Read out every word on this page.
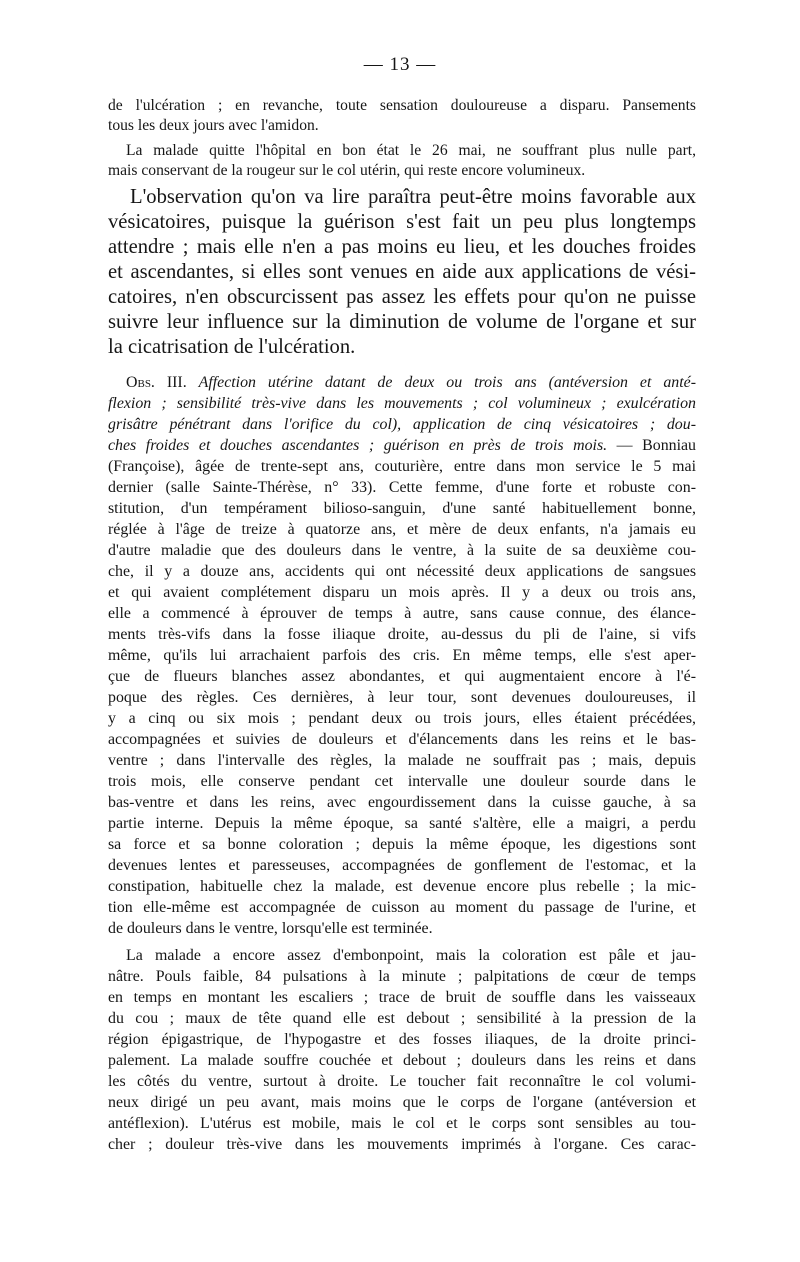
— 13 —
de l'ulcération ; en revanche, toute sensation douloureuse a disparu. Pansements
tous les deux jours avec l'amidon.
La malade quitte l'hôpital en bon état le 26 mai, ne souffrant plus nulle part,
mais conservant de la rougeur sur le col utérin, qui reste encore volumineux.
L'observation qu'on va lire paraîtra peut-être moins favorable aux
vésicatoires, puisque la guérison s'est fait un peu plus longtemps
attendre ; mais elle n'en a pas moins eu lieu, et les douches froides
et ascendantes, si elles sont venues en aide aux applications de vési-
catoires, n'en obscurcissent pas assez les effets pour qu'on ne puisse
suivre leur influence sur la diminution de volume de l'organe et sur
la cicatrisation de l'ulcération.
Obs. III. Affection utérine datant de deux ou trois ans (antéversion et anté-
flexion ; sensibilité très-vive dans les mouvements ; col volumineux ; exulcération
grisâtre pénétrant dans l'orifice du col), application de cinq vésicatoires ; dou-
ches froides et douches ascendantes ; guérison en près de trois mois. — Bonniau
(Françoise), âgée de trente-sept ans, couturière, entre dans mon service le 5 mai
dernier (salle Sainte-Thérèse, n° 33). Cette femme, d'une forte et robuste con-
stitution, d'un tempérament bilioso-sanguin, d'une santé habituellement bonne,
réglée à l'âge de treize à quatorze ans, et mère de deux enfants, n'a jamais eu
d'autre maladie que des douleurs dans le ventre, à la suite de sa deuxième cou-
che, il y a douze ans, accidents qui ont nécessité deux applications de sangsues
et qui avaient complétement disparu un mois après. Il y a deux ou trois ans,
elle a commencé à éprouver de temps à autre, sans cause connue, des élance-
ments très-vifs dans la fosse iliaque droite, au-dessus du pli de l'aine, si vifs
même, qu'ils lui arrachaient parfois des cris. En même temps, elle s'est aper-
çue de flueurs blanches assez abondantes, et qui augmentaient encore à l'é-
poque des règles. Ces dernières, à leur tour, sont devenues douloureuses, il
y a cinq ou six mois ; pendant deux ou trois jours, elles étaient précédées,
accompagnées et suivies de douleurs et d'élancements dans les reins et le bas-
ventre ; dans l'intervalle des règles, la malade ne souffrait pas ; mais, depuis
trois mois, elle conserve pendant cet intervalle une douleur sourde dans le
bas-ventre et dans les reins, avec engourdissement dans la cuisse gauche, à sa
partie interne. Depuis la même époque, sa santé s'altère, elle a maigri, a perdu
sa force et sa bonne coloration ; depuis la même époque, les digestions sont
devenues lentes et paresseuses, accompagnées de gonflement de l'estomac, et la
constipation, habituelle chez la malade, est devenue encore plus rebelle ; la mic-
tion elle-même est accompagnée de cuisson au moment du passage de l'urine, et
de douleurs dans le ventre, lorsqu'elle est terminée.
La malade a encore assez d'embonpoint, mais la coloration est pâle et jau-
nâtre. Pouls faible, 84 pulsations à la minute ; palpitations de cœur de temps
en temps en montant les escaliers ; trace de bruit de souffle dans les vaisseaux
du cou ; maux de tête quand elle est debout ; sensibilité à la pression de la
région épigastrique, de l'hypogastre et des fosses iliaques, de la droite princi-
palement. La malade souffre couchée et debout ; douleurs dans les reins et dans
les côtés du ventre, surtout à droite. Le toucher fait reconnaître le col volumi-
neux dirigé un peu avant, mais moins que le corps de l'organe (antéversion et
antéflexion). L'utérus est mobile, mais le col et le corps sont sensibles au tou-
cher ; douleur très-vive dans les mouvements imprimés à l'organe. Ces carac-
